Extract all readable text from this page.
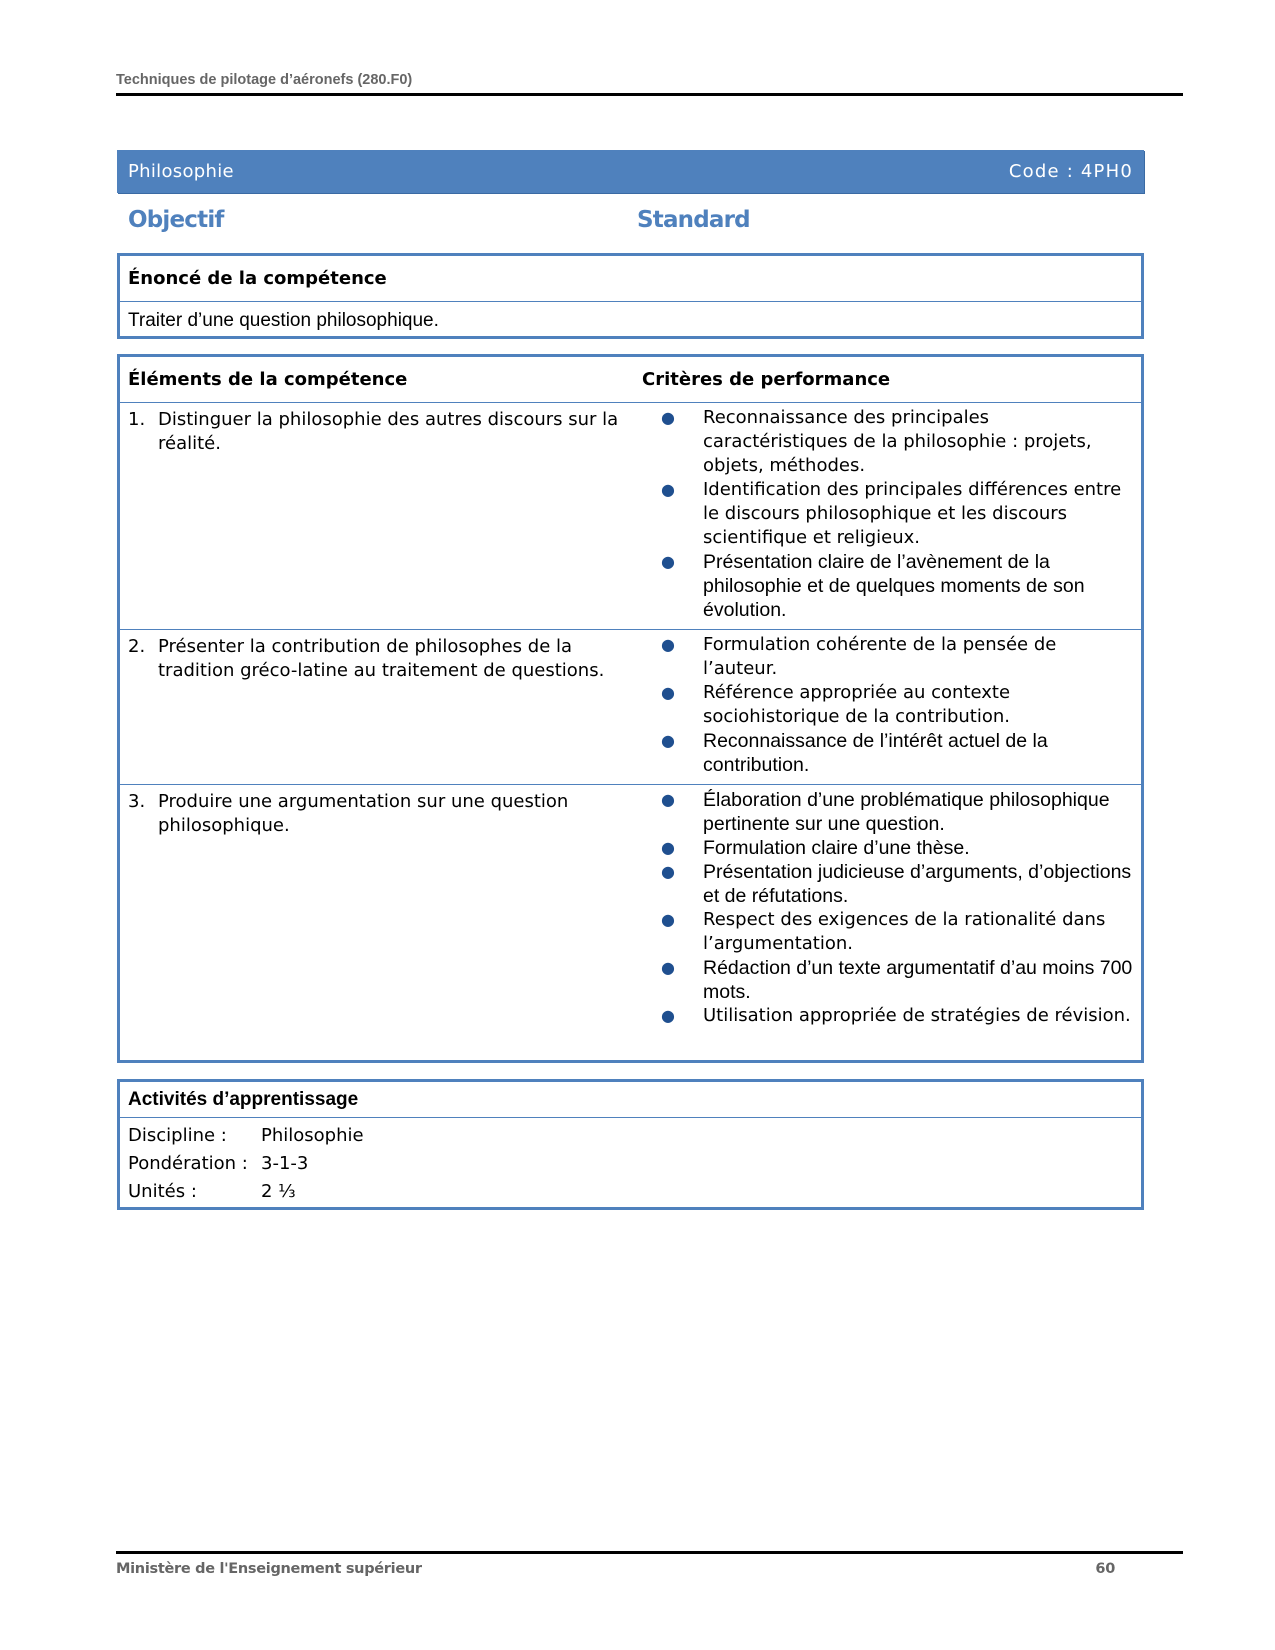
Techniques de pilotage d’aéronefs (280.F0)
Philosophie	Code : 4PH0
Objectif	Standard
Énoncé de la compétence
Traiter d’une question philosophique.
Éléments de la compétence	Critères de performance
1. Distinguer la philosophie des autres discours sur la réalité.
●	Reconnaissance des principales caractéristiques de la philosophie : projets, objets, méthodes.
●	Identification des principales différences entre le discours philosophique et les discours scientifique et religieux.
●	Présentation claire de l’avènement de la philosophie et de quelques moments de son évolution.
2. Présenter la contribution de philosophes de la tradition gréco-latine au traitement de questions.
●	Formulation cohérente de la pensée de l’auteur.
●	Référence appropriée au contexte sociohistorique de la contribution.
●	Reconnaissance de l’intérêt actuel de la contribution.
3. Produire une argumentation sur une question philosophique.
●	Élaboration d’une problématique philosophique pertinente sur une question.
●	Formulation claire d’une thèse.
●	Présentation judicieuse d’arguments, d’objections et de réfutations.
●	Respect des exigences de la rationalité dans l’argumentation.
●	Rédaction d’un texte argumentatif d’au moins 700 mots.
●	Utilisation appropriée de stratégies de révision.
Activités d’apprentissage
Discipline :	Philosophie
Pondération : 3-1-3
Unités :	2 ⅓
Ministère de l'Enseignement supérieur	60
